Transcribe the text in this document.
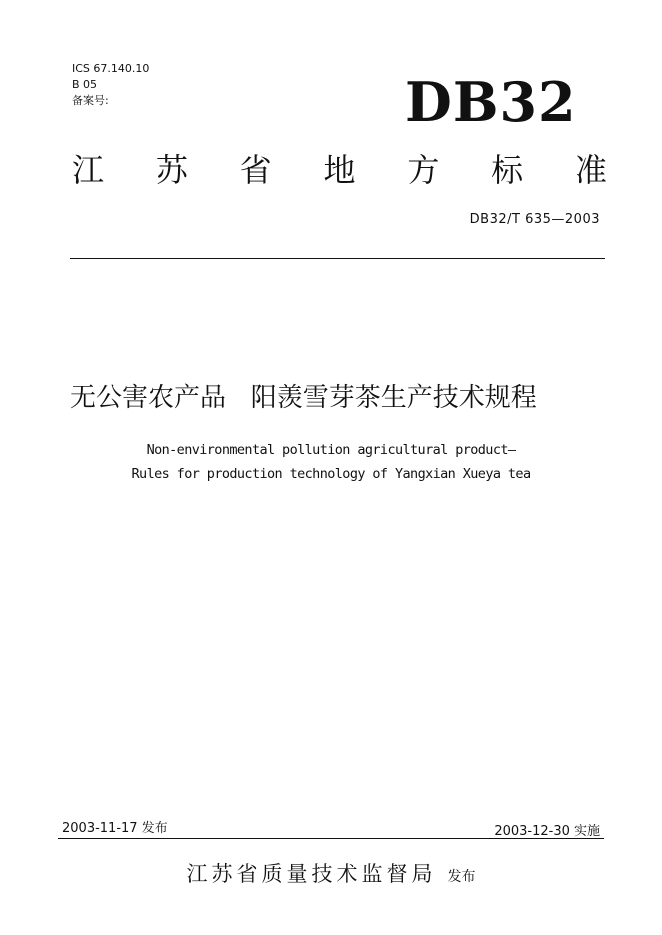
ICS 67.140.10
B 05
备案号:	DB32
江 苏 省 地 方 标 准
DB32/T 635—2003
无公害农产品   阳羡雪芽茶生产技术规程
Non-environmental pollution agricultural product—
Rules for production technology of Yangxian Xueya tea
2003-11-17 发布	2003-12-30 实施
江苏省质量技术监督局 发布
